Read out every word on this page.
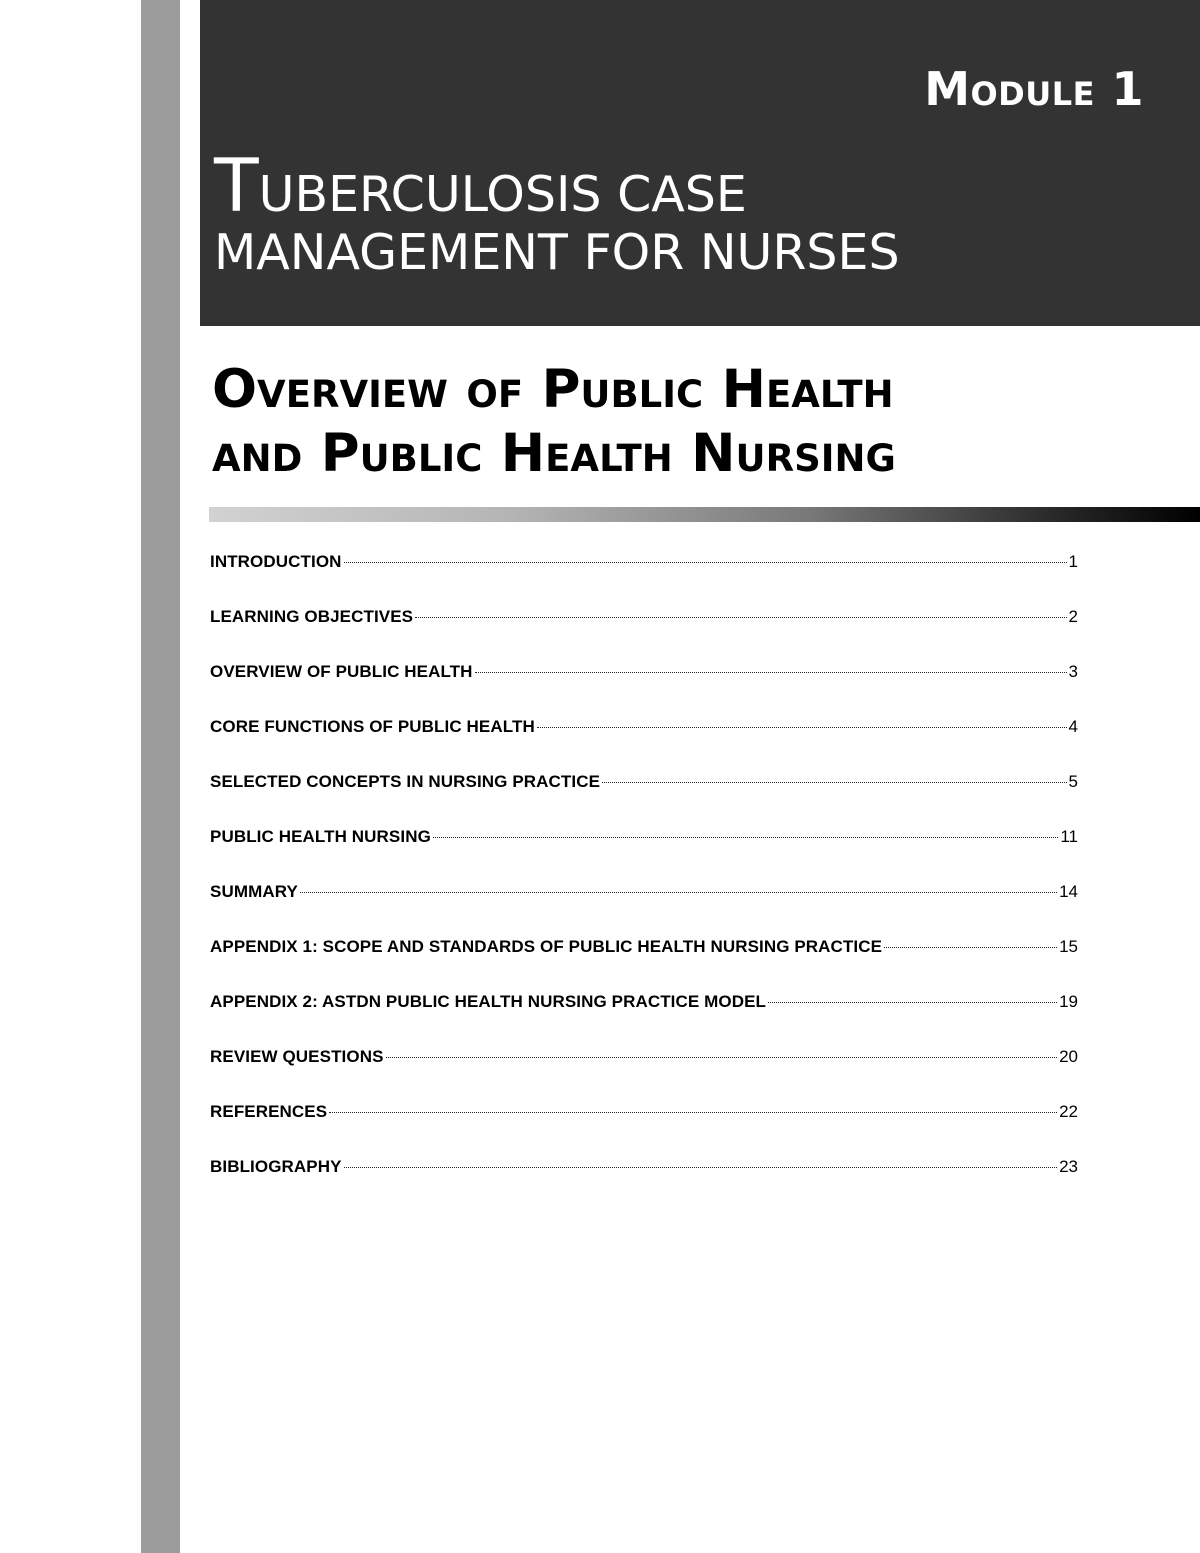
Module 1
TUBERCULOSIS CASE
MANAGEMENT FOR NURSES
Overview of Public Health
and Public Health Nursing
INTRODUCTION	1
LEARNING OBJECTIVES	2
OVERVIEW OF PUBLIC HEALTH	3
CORE FUNCTIONS OF PUBLIC HEALTH	4
SELECTED CONCEPTS IN NURSING PRACTICE	5
PUBLIC HEALTH NURSING	11
SUMMARY	14
APPENDIX 1: SCOPE AND STANDARDS OF PUBLIC HEALTH NURSING PRACTICE	15
APPENDIX 2: ASTDN PUBLIC HEALTH NURSING PRACTICE MODEL	19
REVIEW QUESTIONS	20
REFERENCES	22
BIBLIOGRAPHY	23
